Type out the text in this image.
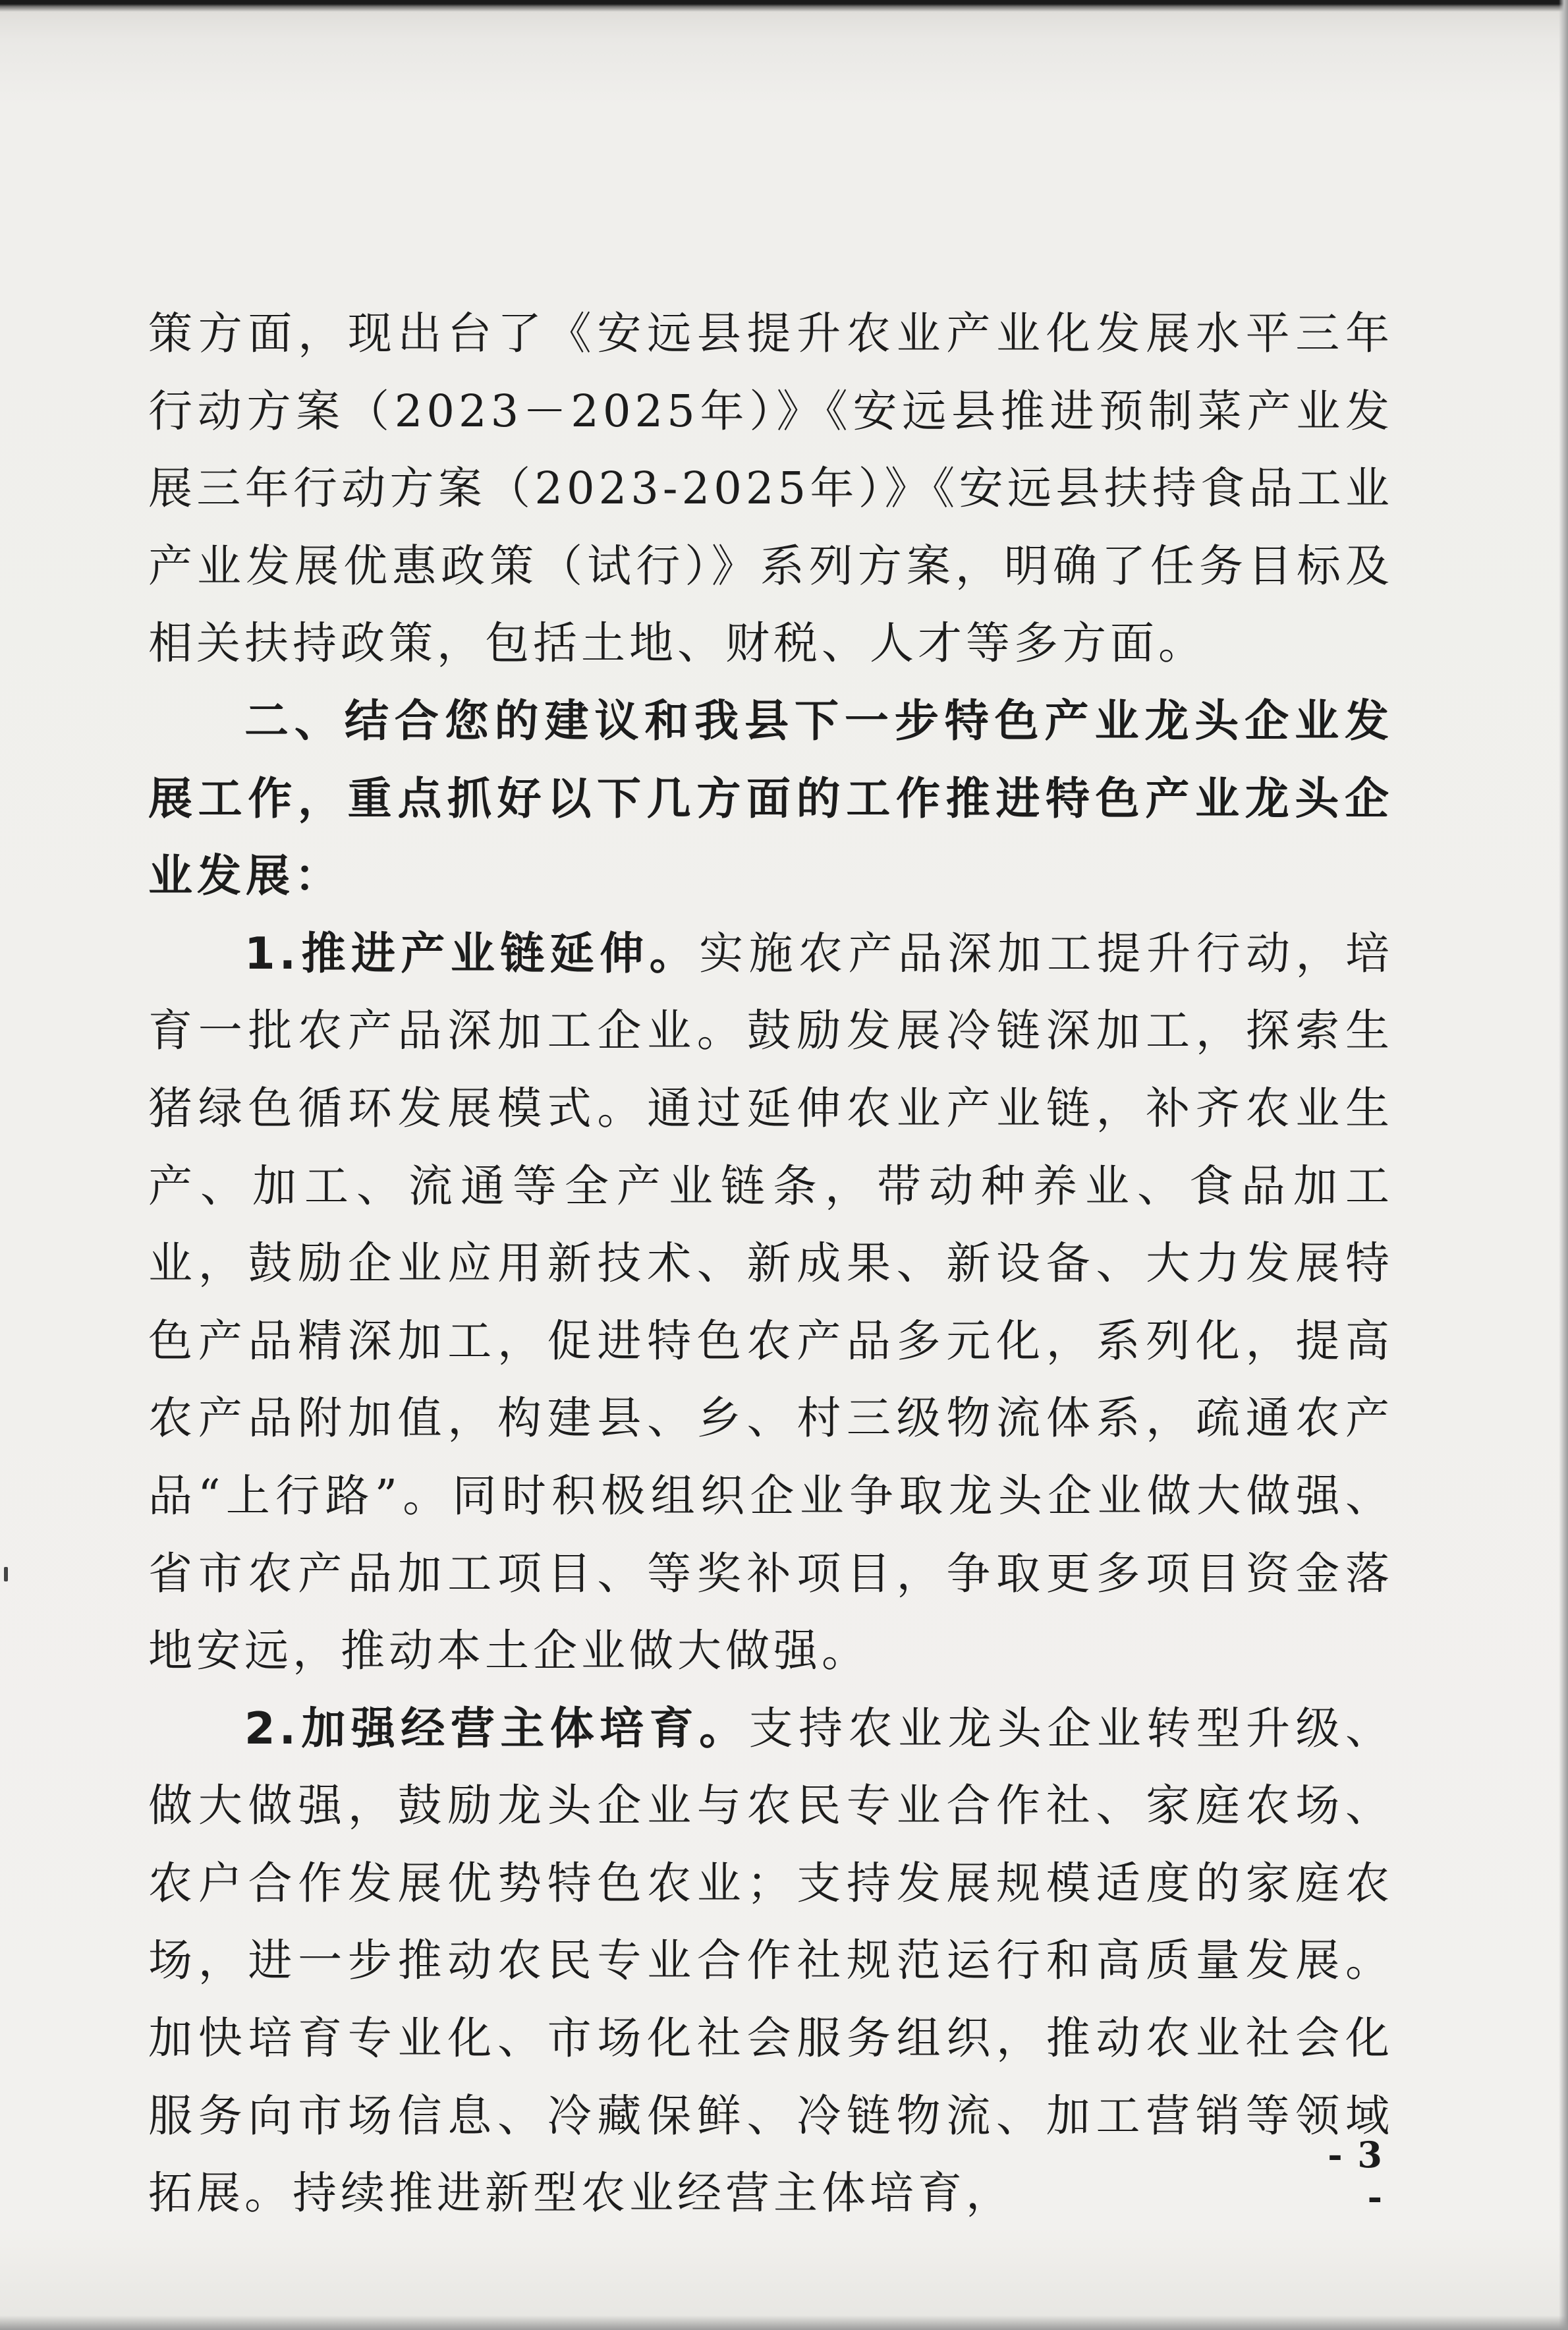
策方面，现出台了《安远县提升农业产业化发展水平三年行动方案（2023－2025年）》《安远县推进预制菜产业发展三年行动方案（2023-2025年）》《安远县扶持食品工业产业发展优惠政策（试行）》系列方案，明确了任务目标及相关扶持政策，包括土地、财税、人才等多方面。

二、结合您的建议和我县下一步特色产业龙头企业发展工作，重点抓好以下几方面的工作推进特色产业龙头企业发展：

1.推进产业链延伸。实施农产品深加工提升行动，培育一批农产品深加工企业。鼓励发展冷链深加工，探索生猪绿色循环发展模式。通过延伸农业产业链，补齐农业生产、加工、流通等全产业链条，带动种养业、食品加工业，鼓励企业应用新技术、新成果、新设备、大力发展特色产品精深加工，促进特色农产品多元化，系列化，提高农产品附加值，构建县、乡、村三级物流体系，疏通农产品“上行路”。同时积极组织企业争取龙头企业做大做强、省市农产品加工项目、等奖补项目，争取更多项目资金落地安远，推动本土企业做大做强。

2.加强经营主体培育。支持农业龙头企业转型升级、做大做强，鼓励龙头企业与农民专业合作社、家庭农场、农户合作发展优势特色农业；支持发展规模适度的家庭农场，进一步推动农民专业合作社规范运行和高质量发展。加快培育专业化、市场化社会服务组织，推动农业社会化服务向市场信息、冷藏保鲜、冷链物流、加工营销等领域拓展。持续推进新型农业经营主体培育，

- 3 -
